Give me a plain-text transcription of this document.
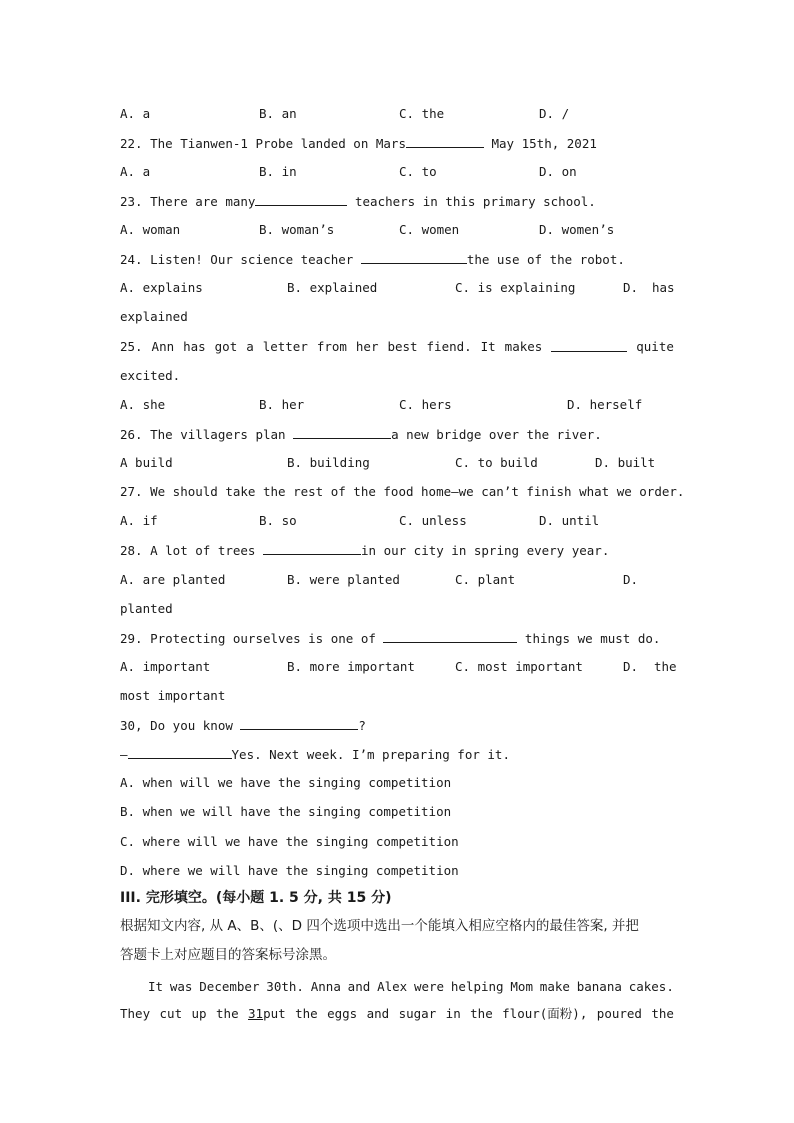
A. a	B. an	C. the	D. /
22. The Tianwen-1 Probe landed on Mars	May 15th, 2021
A. a	B. in	C. to	D. on
23. There are many	teachers in this primary school.
A. woman	B. woman’s	C. women	D. women’s
24. Listen! Our science teacher	the use of the robot.
A. explains	B. explained	C. is explaining	D. has
explained
25. Ann has got a letter from her best fiend. It makes	quite
excited.
A. she	B. her	C. hers	D. herself
26. The villagers plan	a new bridge over the river.
A build	B. building	C. to build	D. built
27. We should take the rest of the food home—we can’t finish what we order.
A. if	B. so	C. unless	D. until
28. A lot of trees	in our city in spring every year.
A. are planted	B. were planted	C. plant	D.
planted
29. Protecting ourselves is one of	things we must do.
A. important	B. more important	C. most important	D. the
most important
30, Do you know	?
—	Yes. Next week. I’m preparing for it.
A. when will we have the singing competition
B. when we will have the singing competition
C. where will we have the singing competition
D. where we will have the singing competition
III. 完形填空。(每小题 1. 5 分, 共 15 分)
根据知文内容, 从 A、B、(、D 四个选项中选出一个能填入相应空格内的最佳答案, 并把
答题卡上对应题目的答案标号涂黑。
It was December 30th. Anna and Alex were helping Mom make banana cakes.
They cut up the 31put the eggs and sugar in the flour(面粉), poured the
